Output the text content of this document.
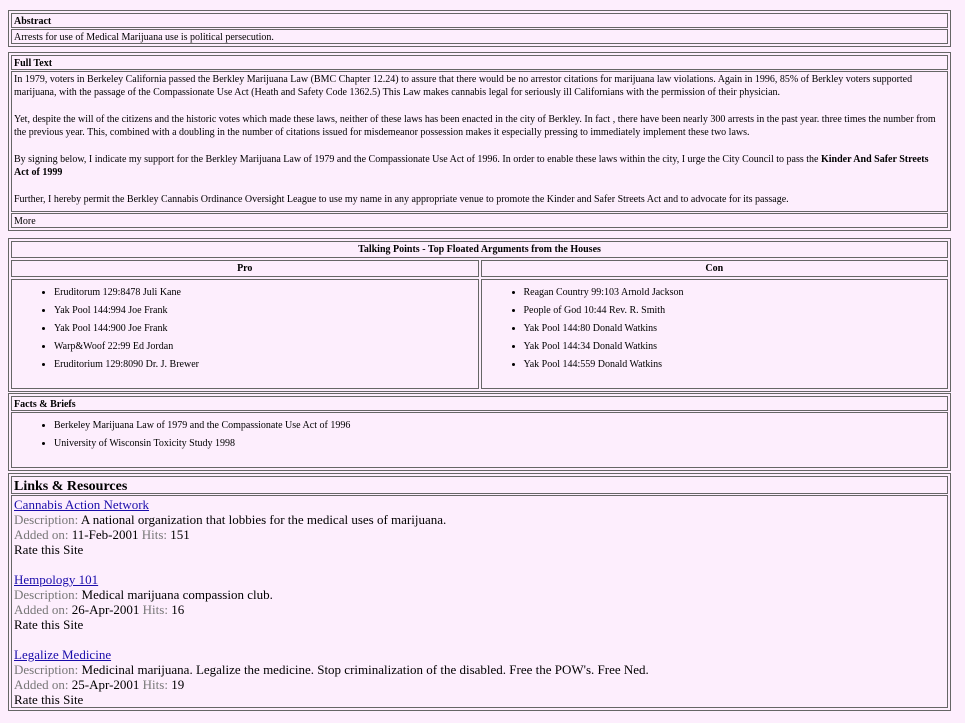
Abstract
Arrests for use of Medical Marijuana use is political persecution.
Full Text

In 1979, voters in Berkeley California passed the Berkley Marijuana Law (BMC Chapter 12.24) to assure that there would be no arrestor citations for marijuana law violations. Again in 1996, 85% of Berkley voters supported marijuana, with the passage of the Compassionate Use Act (Heath and Safety Code 1362.5) This Law makes cannabis legal for seriously ill Californians with the permission of their physician.

Yet, despite the will of the citizens and the historic votes which made these laws, neither of these laws has been enacted in the city of Berkley. In fact , there have been nearly 300 arrests in the past year. three times the number from the previous year. This, combined with a doubling in the number of citations issued for misdemeanor possession makes it especially pressing to immediately implement these two laws.

By signing below, I indicate my support for the Berkley Marijuana Law of 1979 and the Compassionate Use Act of 1996. In order to enable these laws within the city, I urge the City Council to pass the Kinder And Safer Streets Act of 1999

Further, I hereby permit the Berkley Cannabis Ordinance Oversight League to use my name in any appropriate venue to promote the Kinder and Safer Streets Act and to advocate for its passage.

More
Talking Points - Top Floated Arguments from the Houses
Pro	Con
• Eruditorum 129:8478 Juli Kane
• Yak Pool 144:994 Joe Frank
• Yak Pool 144:900 Joe Frank
• Warp&Woof 22:99 Ed Jordan
• Eruditorium 129:8090 Dr. J. Brewer
• Reagan Country 99:103 Arnold Jackson
• People of God 10:44 Rev. R. Smith
• Yak Pool 144:80 Donald Watkins
• Yak Pool 144:34 Donald Watkins
• Yak Pool 144:559 Donald Watkins
Facts & Briefs
• Berkeley Marijuana Law of 1979 and the Compassionate Use Act of 1996
• University of Wisconsin Toxicity Study 1998
Links & Resources
Cannabis Action Network
Description: A national organization that lobbies for the medical uses of marijuana.
Added on: 11-Feb-2001 Hits: 151
Rate this Site
Hempology 101
Description: Medical marijuana compassion club.
Added on: 26-Apr-2001 Hits: 16
Rate this Site
Legalize Medicine
Description: Medicinal marijuana. Legalize the medicine. Stop criminalization of the disabled. Free the POW's. Free Ned.
Added on: 25-Apr-2001 Hits: 19
Rate this Site
